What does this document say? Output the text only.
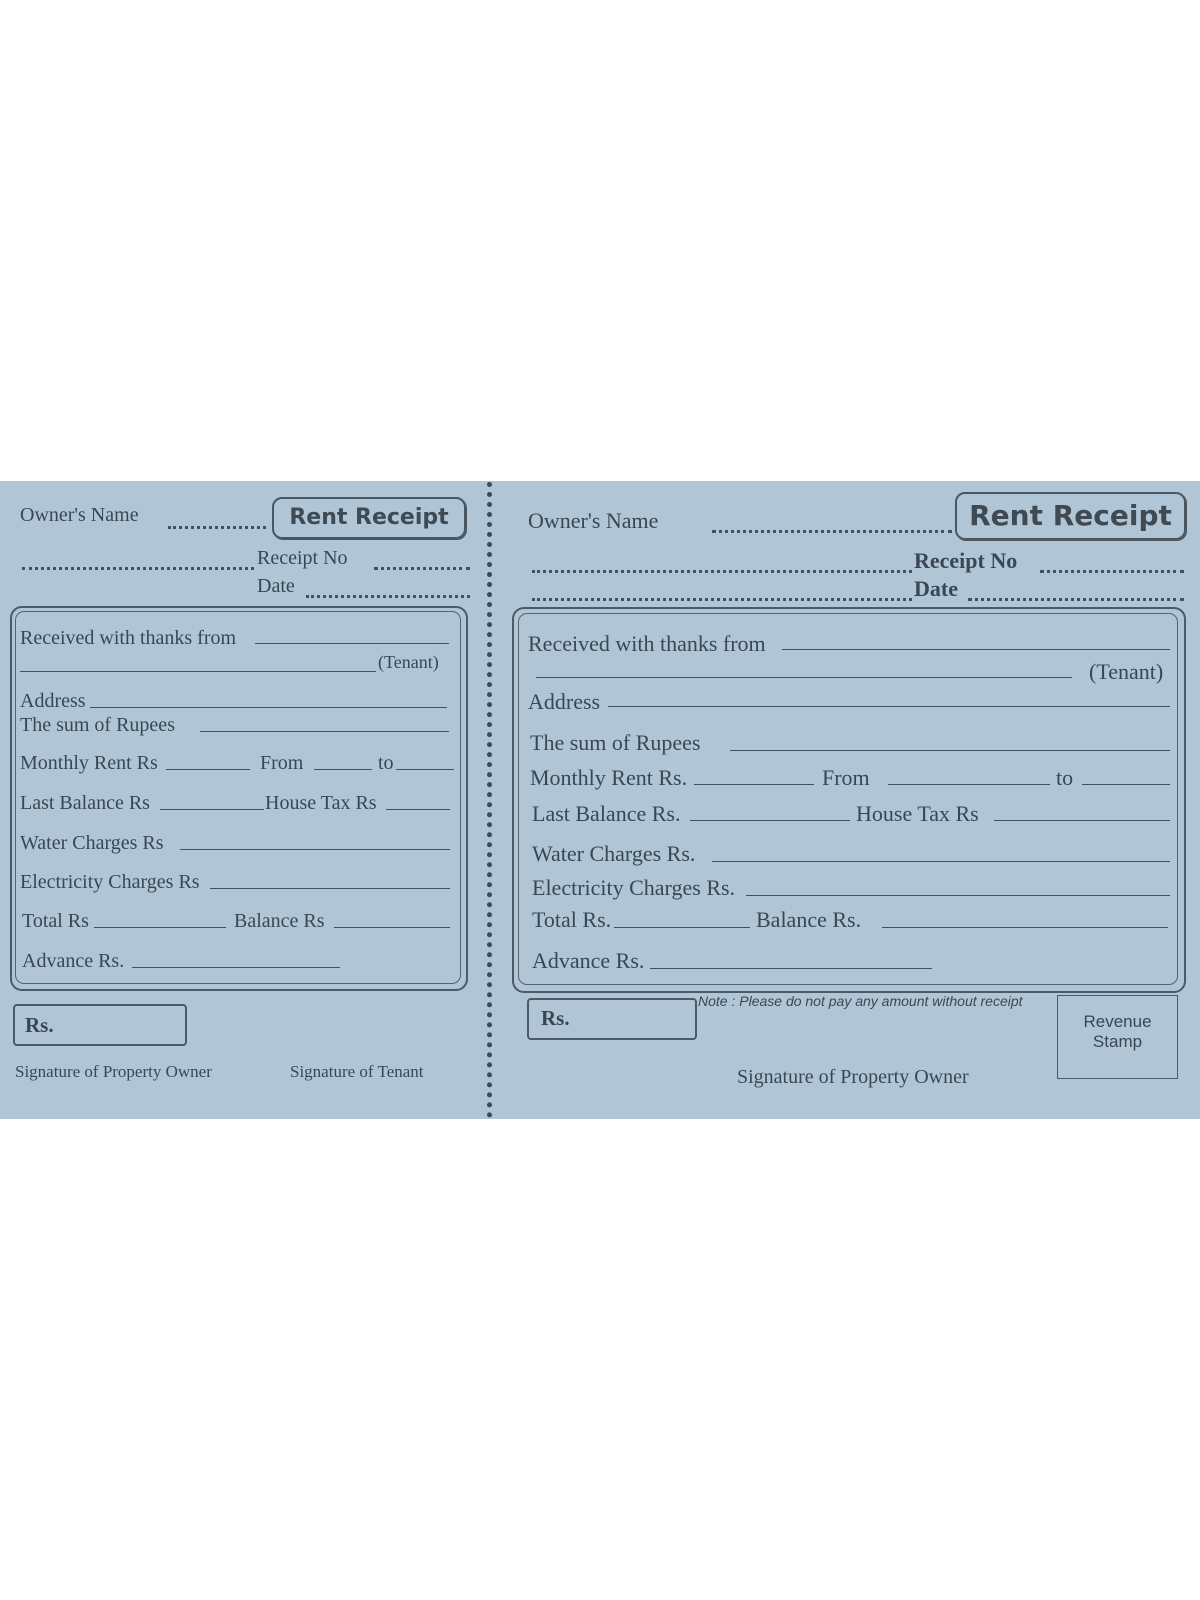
Owner's Name	Rent Receipt
Receipt No
Date
Received with thanks from
(Tenant)
Address
The sum of Rupees
Monthly Rent Rs	From	to
Last Balance Rs	House Tax Rs
Water Charges Rs
Electricity Charges Rs
Total Rs	Balance Rs
Advance Rs.
Rs.
Signature of Property Owner	Signature of Tenant
Owner's Name	Rent Receipt
Receipt No
Date
Received with thanks from
(Tenant)
Address
The sum of Rupees
Monthly Rent Rs.	From	to
Last Balance Rs.	House Tax Rs
Water Charges Rs.
Electricity Charges Rs.
Total Rs.	Balance Rs.
Advance Rs.
Rs.
Note : Please do not pay any amount without receipt
Revenue
Stamp
Signature of Property Owner
